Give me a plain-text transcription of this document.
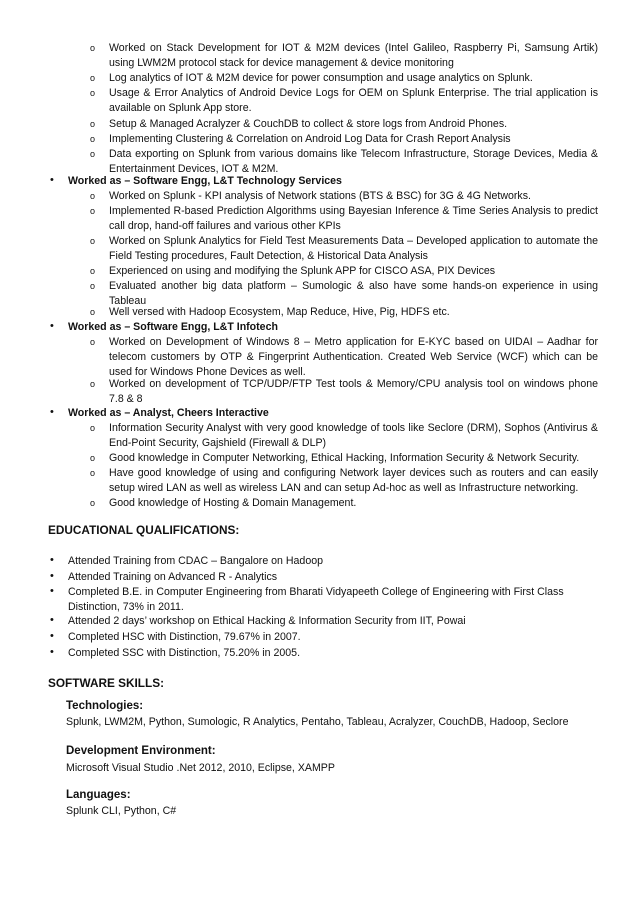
o Worked on Stack Development for IOT & M2M devices (Intel Galileo, Raspberry Pi, Samsung Artik) using LWM2M protocol stack for device management & device monitoring
o Log analytics of IOT & M2M device for power consumption and usage analytics on Splunk.
o Usage & Error Analytics of Android Device Logs for OEM on Splunk Enterprise. The trial application is available on Splunk App store.
o Setup & Managed Acralyzer & CouchDB to collect & store logs from Android Phones.
o Implementing Clustering & Correlation on Android Log Data for Crash Report Analysis
o Data exporting on Splunk from various domains like Telecom Infrastructure, Storage Devices, Media & Entertainment Devices, IOT & M2M.
• Worked as – Software Engg, L&T Technology Services
o Worked on Splunk - KPI analysis of Network stations (BTS & BSC) for 3G & 4G Networks.
o Implemented R-based Prediction Algorithms using Bayesian Inference & Time Series Analysis to predict call drop, hand-off failures and various other KPIs
o Worked on Splunk Analytics for Field Test Measurements Data – Developed application to automate the Field Testing procedures, Fault Detection, & Historical Data Analysis
o Experienced on using and modifying the Splunk APP for CISCO ASA, PIX Devices
o Evaluated another big data platform – Sumologic & also have some hands-on experience in using Tableau
o Well versed with Hadoop Ecosystem, Map Reduce, Hive, Pig, HDFS etc.
• Worked as – Software Engg, L&T Infotech
o Worked on Development of Windows 8 – Metro application for E-KYC based on UIDAI – Aadhar for telecom customers by OTP & Fingerprint Authentication. Created Web Service (WCF) which can be used for Windows Phone Devices as well.
o Worked on development of TCP/UDP/FTP Test tools & Memory/CPU analysis tool on windows phone 7.8 & 8
• Worked as – Analyst, Cheers Interactive
o Information Security Analyst with very good knowledge of tools like Seclore (DRM), Sophos (Antivirus & End-Point Security, Gajshield (Firewall & DLP)
o Good knowledge in Computer Networking, Ethical Hacking, Information Security & Network Security.
o Have good knowledge of using and configuring Network layer devices such as routers and can easily setup wired LAN as well as wireless LAN and can setup Ad-hoc as well as Infrastructure networking.
o Good knowledge of Hosting & Domain Management.
EDUCATIONAL QUALIFICATIONS:
• Attended Training from CDAC – Bangalore on Hadoop
• Attended Training on Advanced R - Analytics
• Completed B.E. in Computer Engineering from Bharati Vidyapeeth College of Engineering with First Class Distinction, 73% in 2011.
• Attended 2 days’ workshop on Ethical Hacking & Information Security from IIT, Powai
• Completed HSC with Distinction, 79.67% in 2007.
• Completed SSC with Distinction, 75.20% in 2005.
SOFTWARE SKILLS:
Technologies:
Splunk, LWM2M, Python, Sumologic, R Analytics, Pentaho, Tableau, Acralyzer, CouchDB, Hadoop, Seclore
Development Environment:
Microsoft Visual Studio .Net 2012, 2010, Eclipse, XAMPP
Languages:
Splunk CLI, Python, C#
